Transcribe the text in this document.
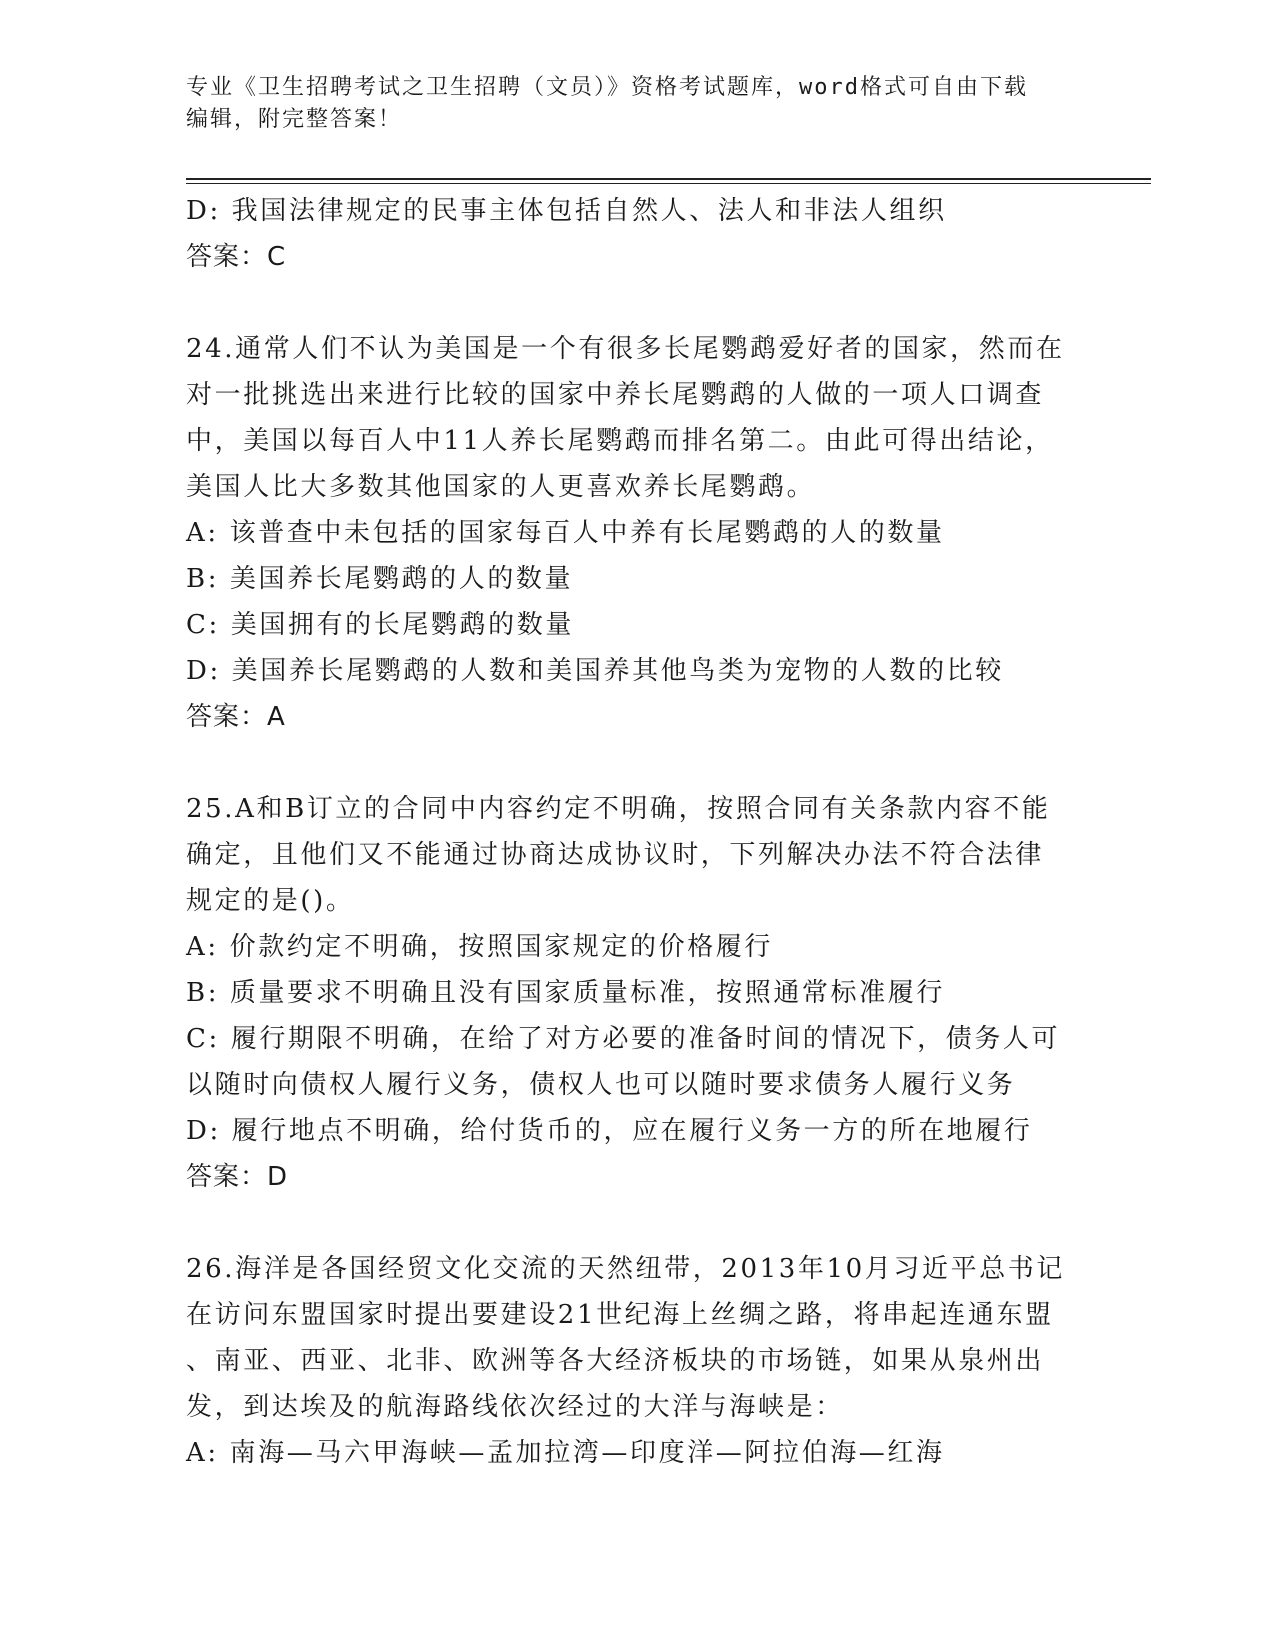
专业《卫生招聘考试之卫生招聘（文员）》资格考试题库，word格式可自由下载
编辑，附完整答案！
D: 我国法律规定的民事主体包括自然人、法人和非法人组织
答案：C
24.通常人们不认为美国是一个有很多长尾鹦鹉爱好者的国家，然而在
对一批挑选出来进行比较的国家中养长尾鹦鹉的人做的一项人口调查
中，美国以每百人中11人养长尾鹦鹉而排名第二。由此可得出结论，
美国人比大多数其他国家的人更喜欢养长尾鹦鹉。
A: 该普查中未包括的国家每百人中养有长尾鹦鹉的人的数量
B: 美国养长尾鹦鹉的人的数量
C: 美国拥有的长尾鹦鹉的数量
D: 美国养长尾鹦鹉的人数和美国养其他鸟类为宠物的人数的比较
答案：A
25.A和B订立的合同中内容约定不明确，按照合同有关条款内容不能
确定，且他们又不能通过协商达成协议时，下列解决办法不符合法律
规定的是()。
A: 价款约定不明确，按照国家规定的价格履行
B: 质量要求不明确且没有国家质量标准，按照通常标准履行
C: 履行期限不明确，在给了对方必要的准备时间的情况下，债务人可
以随时向债权人履行义务，债权人也可以随时要求债务人履行义务
D: 履行地点不明确，给付货币的，应在履行义务一方的所在地履行
答案：D
26.海洋是各国经贸文化交流的天然纽带，2013年10月习近平总书记
在访问东盟国家时提出要建设21世纪海上丝绸之路，将串起连通东盟
、南亚、西亚、北非、欧洲等各大经济板块的市场链，如果从泉州出
发，到达埃及的航海路线依次经过的大洋与海峡是：
A: 南海—马六甲海峡—孟加拉湾—印度洋—阿拉伯海—红海
